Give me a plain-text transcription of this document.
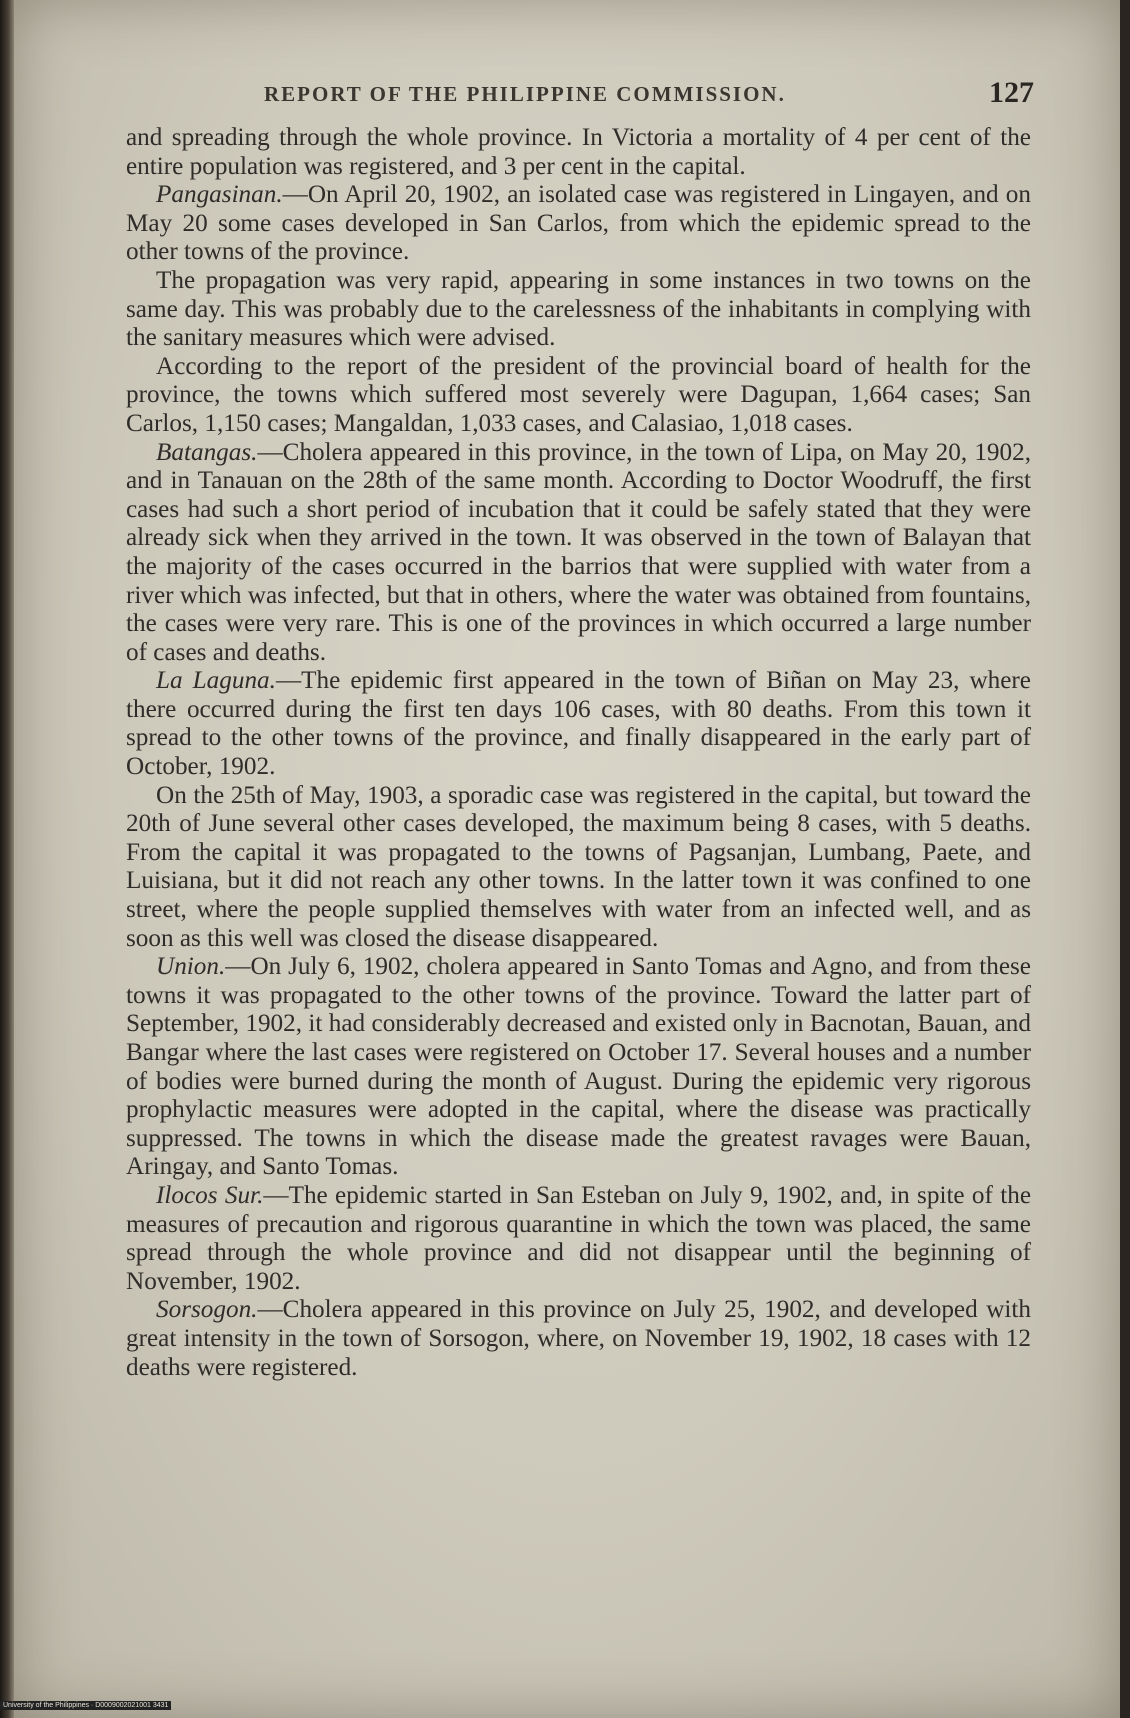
REPORT OF THE PHILIPPINE COMMISSION.	127

and spreading through the whole province. In Victoria a mortality of 4 per cent of the entire population was registered, and 3 per cent in the capital.

Pangasinan.—On April 20, 1902, an isolated case was registered in Lingayen, and on May 20 some cases developed in San Carlos, from which the epidemic spread to the other towns of the province.

The propagation was very rapid, appearing in some instances in two towns on the same day. This was probably due to the carelessness of the inhabitants in complying with the sanitary measures which were advised.

According to the report of the president of the provincial board of health for the province, the towns which suffered most severely were Dagupan, 1,664 cases; San Carlos, 1,150 cases; Mangaldan, 1,033 cases, and Calasiao, 1,018 cases.

Batangas.—Cholera appeared in this province, in the town of Lipa, on May 20, 1902, and in Tanauan on the 28th of the same month. According to Doctor Woodruff, the first cases had such a short period of incubation that it could be safely stated that they were already sick when they arrived in the town. It was observed in the town of Balayan that the majority of the cases occurred in the barrios that were supplied with water from a river which was infected, but that in others, where the water was obtained from fountains, the cases were very rare. This is one of the provinces in which occurred a large number of cases and deaths.

La Laguna.—The epidemic first appeared in the town of Biñan on May 23, where there occurred during the first ten days 106 cases, with 80 deaths. From this town it spread to the other towns of the province, and finally disappeared in the early part of October, 1902.

On the 25th of May, 1903, a sporadic case was registered in the capital, but toward the 20th of June several other cases developed, the maximum being 8 cases, with 5 deaths. From the capital it was propagated to the towns of Pagsanjan, Lumbang, Paete, and Luisiana, but it did not reach any other towns. In the latter town it was confined to one street, where the people supplied themselves with water from an infected well, and as soon as this well was closed the disease disappeared.

Union.—On July 6, 1902, cholera appeared in Santo Tomas and Agno, and from these towns it was propagated to the other towns of the province. Toward the latter part of September, 1902, it had considerably decreased and existed only in Bacnotan, Bauan, and Bangar where the last cases were registered on October 17. Several houses and a number of bodies were burned during the month of August. During the epidemic very rigorous prophylactic measures were adopted in the capital, where the disease was practically suppressed. The towns in which the disease made the greatest ravages were Bauan, Aringay, and Santo Tomas.

Ilocos Sur.—The epidemic started in San Esteban on July 9, 1902, and, in spite of the measures of precaution and rigorous quarantine in which the town was placed, the same spread through the whole province and did not disappear until the beginning of November, 1902.

Sorsogon.—Cholera appeared in this province on July 25, 1902, and developed with great intensity in the town of Sorsogon, where, on November 19, 1902, 18 cases with 12 deaths were registered.

University of the Philippines · D0009002021001 3431
